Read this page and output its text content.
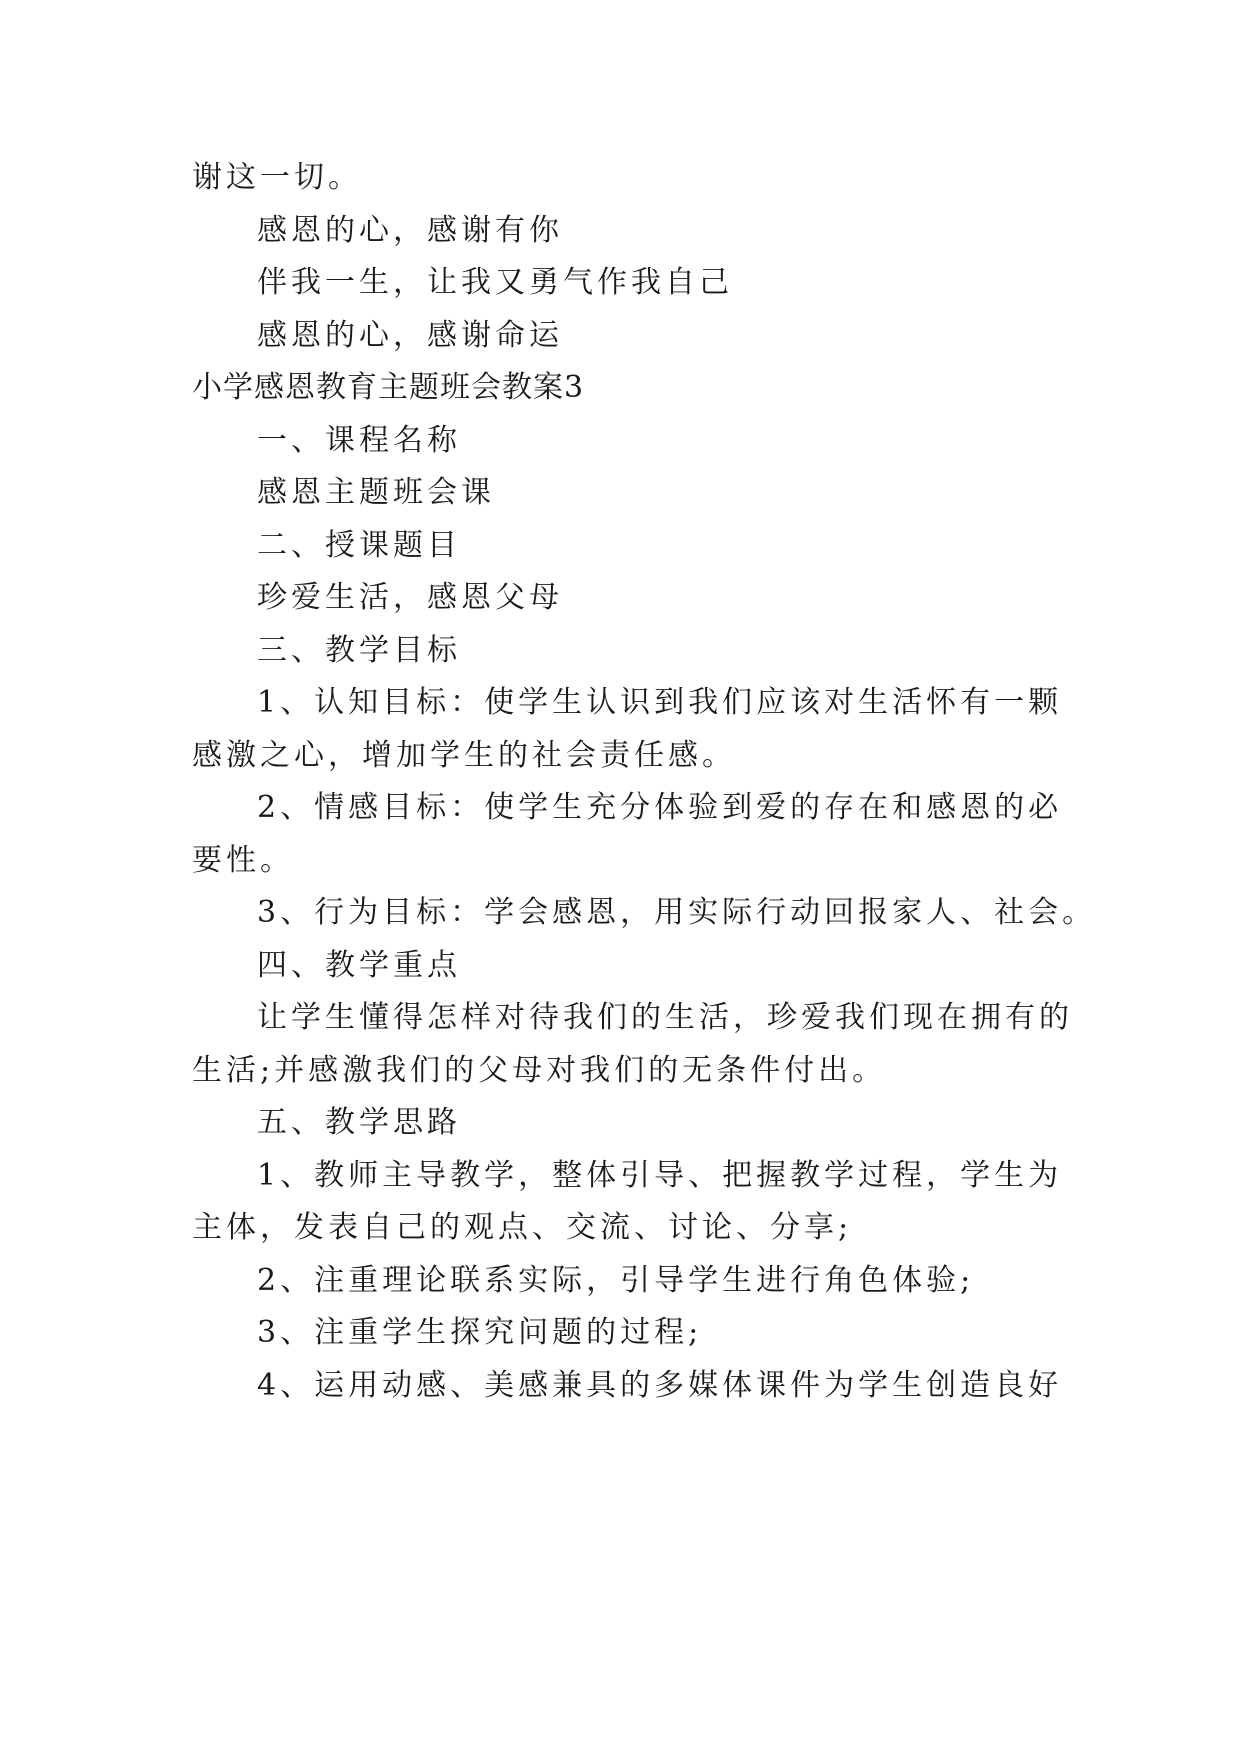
谢这一切。
感恩的心，感谢有你
伴我一生，让我又勇气作我自己
感恩的心，感谢命运
小学感恩教育主题班会教案3
一、课程名称
感恩主题班会课
二、授课题目
珍爱生活，感恩父母
三、教学目标
1、认知目标：使学生认识到我们应该对生活怀有一颗
感激之心，增加学生的社会责任感。
2、情感目标：使学生充分体验到爱的存在和感恩的必
要性。
3、行为目标：学会感恩，用实际行动回报家人、社会。
四、教学重点
让学生懂得怎样对待我们的生活，珍爱我们现在拥有的
生活;并感激我们的父母对我们的无条件付出。
五、教学思路
1、教师主导教学，整体引导、把握教学过程，学生为
主体，发表自己的观点、交流、讨论、分享;
2、注重理论联系实际，引导学生进行角色体验;
3、注重学生探究问题的过程;
4、运用动感、美感兼具的多媒体课件为学生创造良好
